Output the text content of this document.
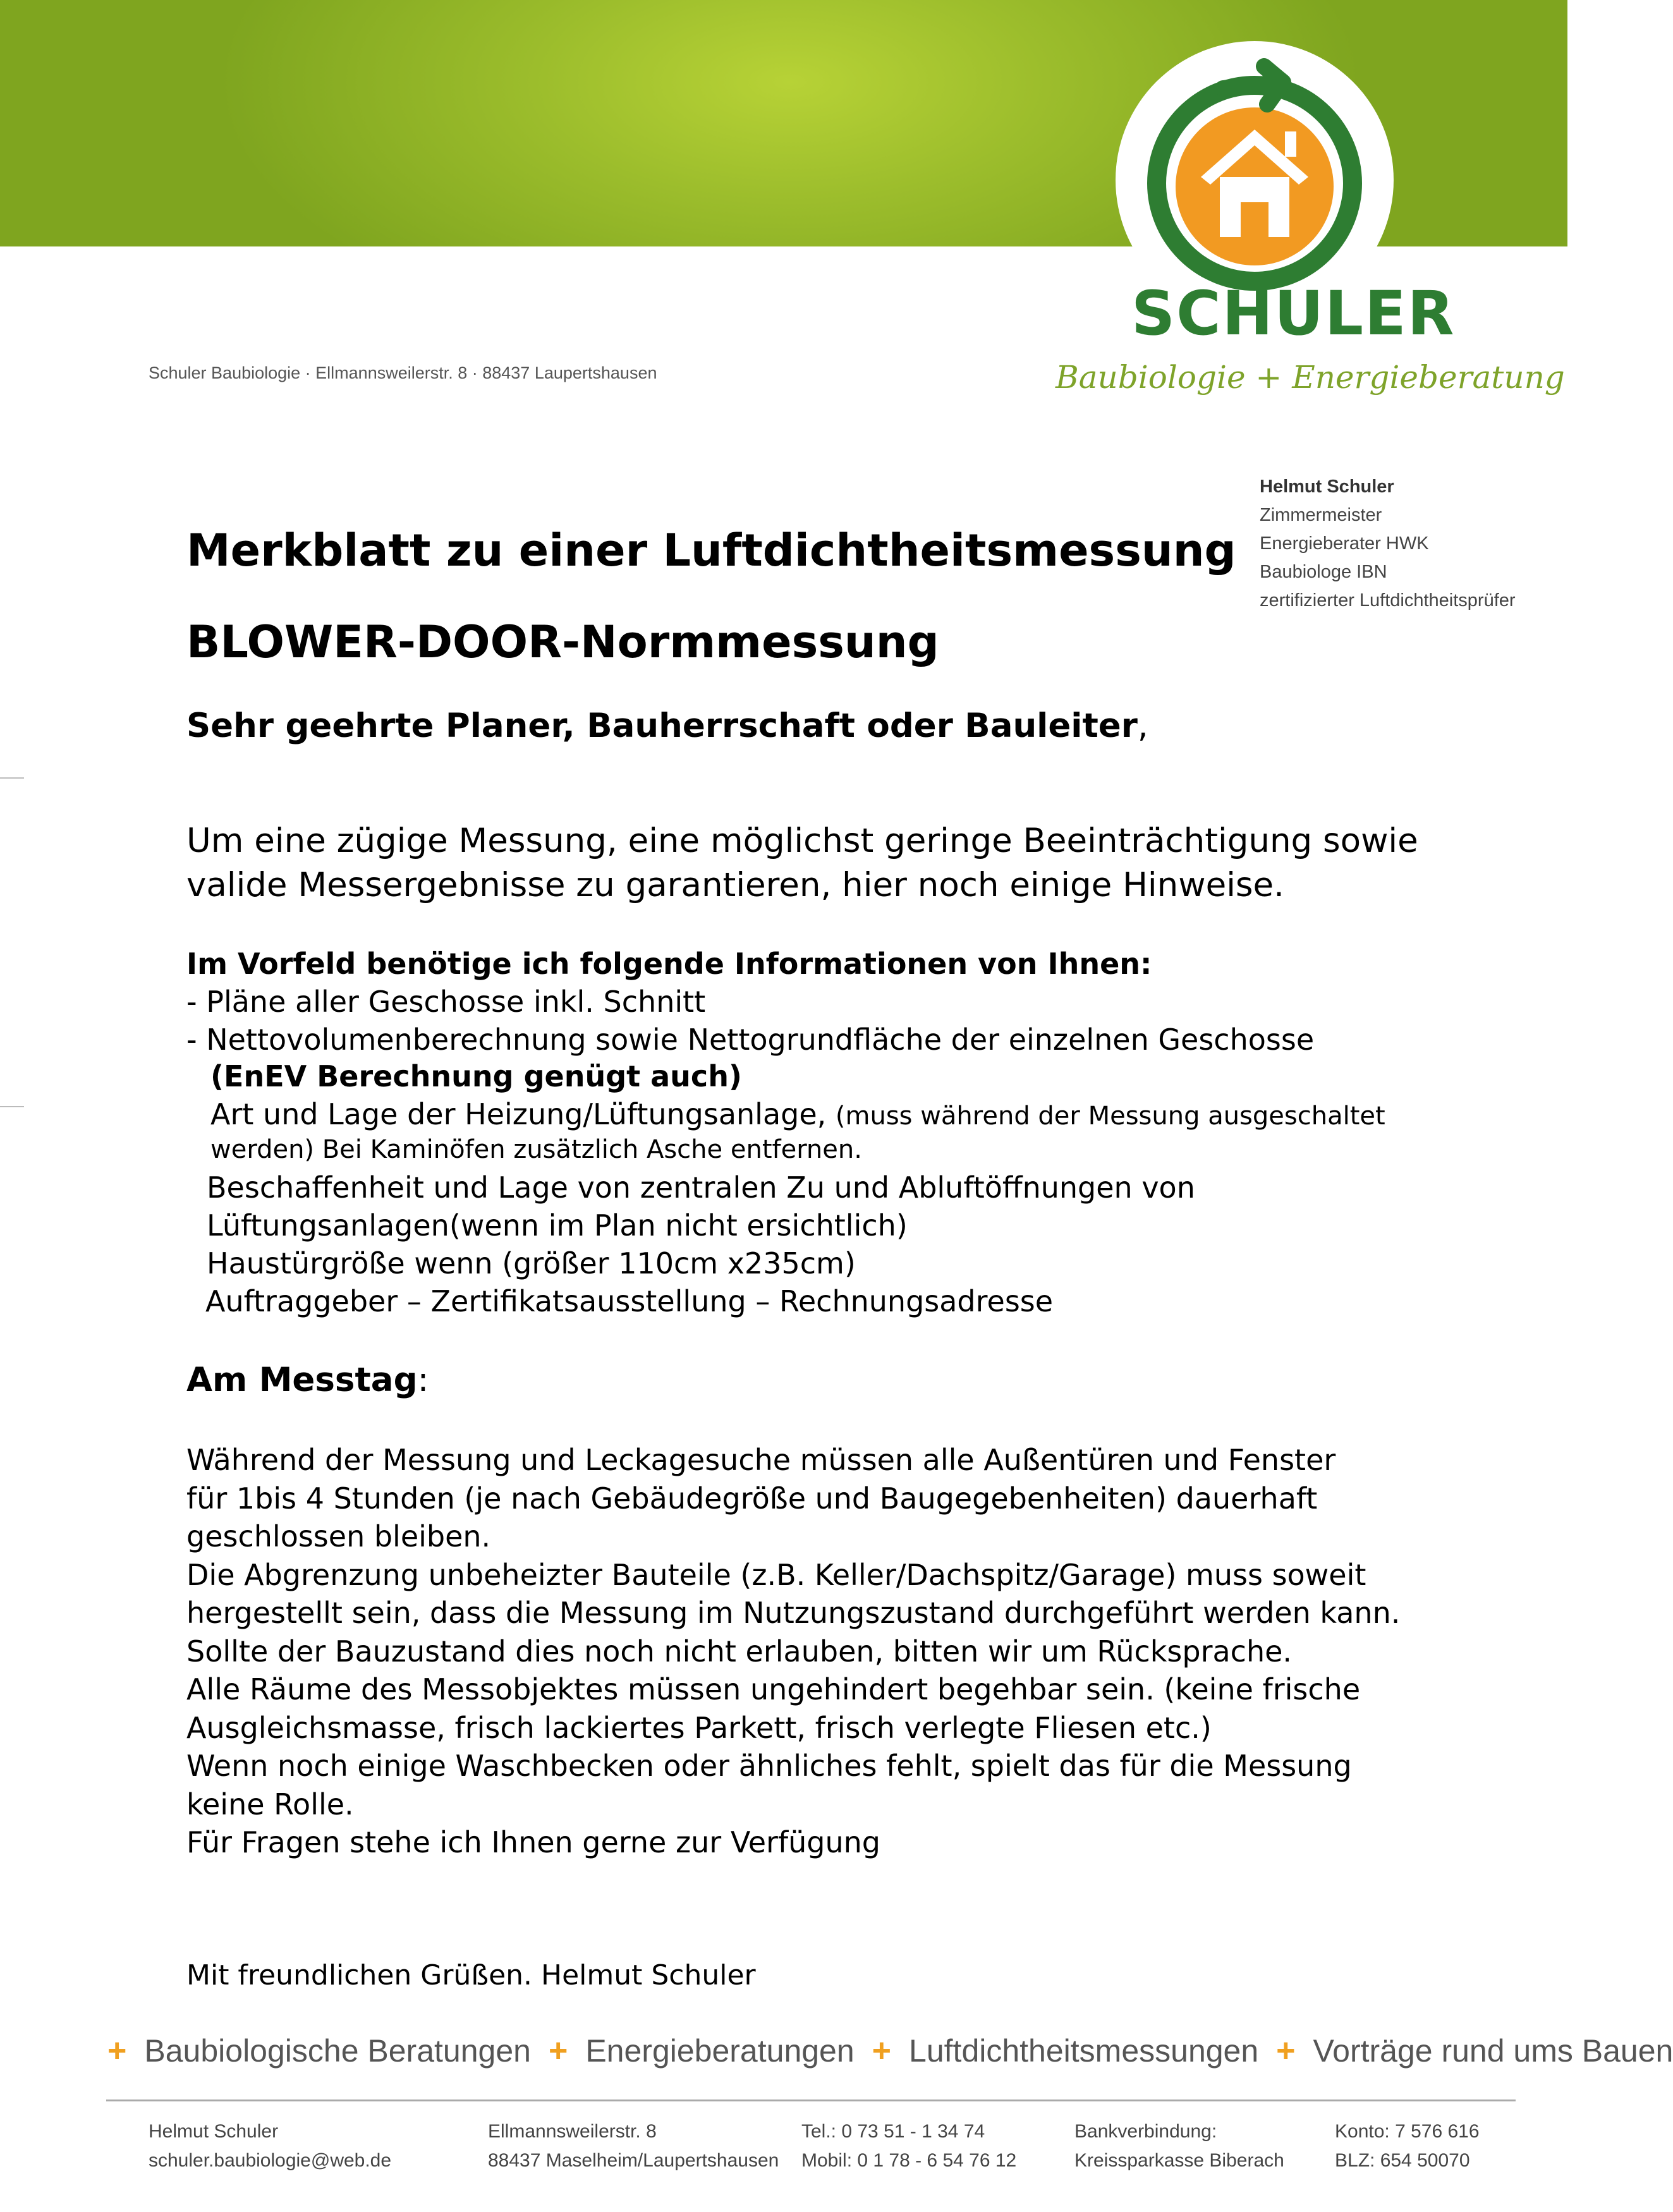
SCHULER
Baubiologie + Energieberatung
Schuler Baubiologie · Ellmannsweilerstr. 8 · 88437 Laupertshausen
Helmut Schuler
Zimmermeister
Energieberater HWK
Baubiologe IBN
zertifizierter Luftdichtheitsprüfer
Merkblatt zu einer Luftdichtheitsmessung
BLOWER-DOOR-Normmessung
Sehr geehrte Planer, Bauherrschaft oder Bauleiter,
Um eine zügige Messung, eine möglichst geringe Beeinträchtigung sowie
valide Messergebnisse zu garantieren, hier noch einige Hinweise.
Im Vorfeld benötige ich folgende Informationen von Ihnen:
- Pläne aller Geschosse inkl. Schnitt
- Nettovolumenberechnung sowie Nettogrundfläche der einzelnen Geschosse
(EnEV Berechnung genügt auch)
Art und Lage der Heizung/Lüftungsanlage, (muss während der Messung ausgeschaltet
werden) Bei Kaminöfen zusätzlich Asche entfernen.
Beschaffenheit und Lage von zentralen Zu und Abluftöffnungen von
Lüftungsanlagen(wenn im Plan nicht ersichtlich)
Haustürgröße wenn (größer 110cm x235cm)
Auftraggeber – Zertifikatsausstellung – Rechnungsadresse
Am Messtag:
Während der Messung und Leckagesuche müssen alle Außentüren und Fenster
für 1bis 4 Stunden (je nach Gebäudegröße und Baugegebenheiten) dauerhaft
geschlossen bleiben.
Die Abgrenzung unbeheizter Bauteile (z.B. Keller/Dachspitz/Garage) muss soweit
hergestellt sein, dass die Messung im Nutzungszustand durchgeführt werden kann.
Sollte der Bauzustand dies noch nicht erlauben, bitten wir um Rücksprache.
Alle Räume des Messobjektes müssen ungehindert begehbar sein. (keine frische
Ausgleichsmasse, frisch lackiertes Parkett, frisch verlegte Fliesen etc.)
Wenn noch einige Waschbecken oder ähnliches fehlt, spielt das für die Messung
keine Rolle.
Für Fragen stehe ich Ihnen gerne zur Verfügung
Mit freundlichen Grüßen. Helmut Schuler
+ Baubiologische Beratungen + Energieberatungen + Luftdichtheitsmessungen + Vorträge rund ums Bauen
Helmut Schuler
schuler.baubiologie@web.de
Ellmannsweilerstr. 8
88437 Maselheim/Laupertshausen
Tel.: 0 73 51 - 1 34 74
Mobil: 0 1 78 - 6 54 76 12
Bankverbindung:
Kreissparkasse Biberach
Konto: 7 576 616
BLZ: 654 50070
